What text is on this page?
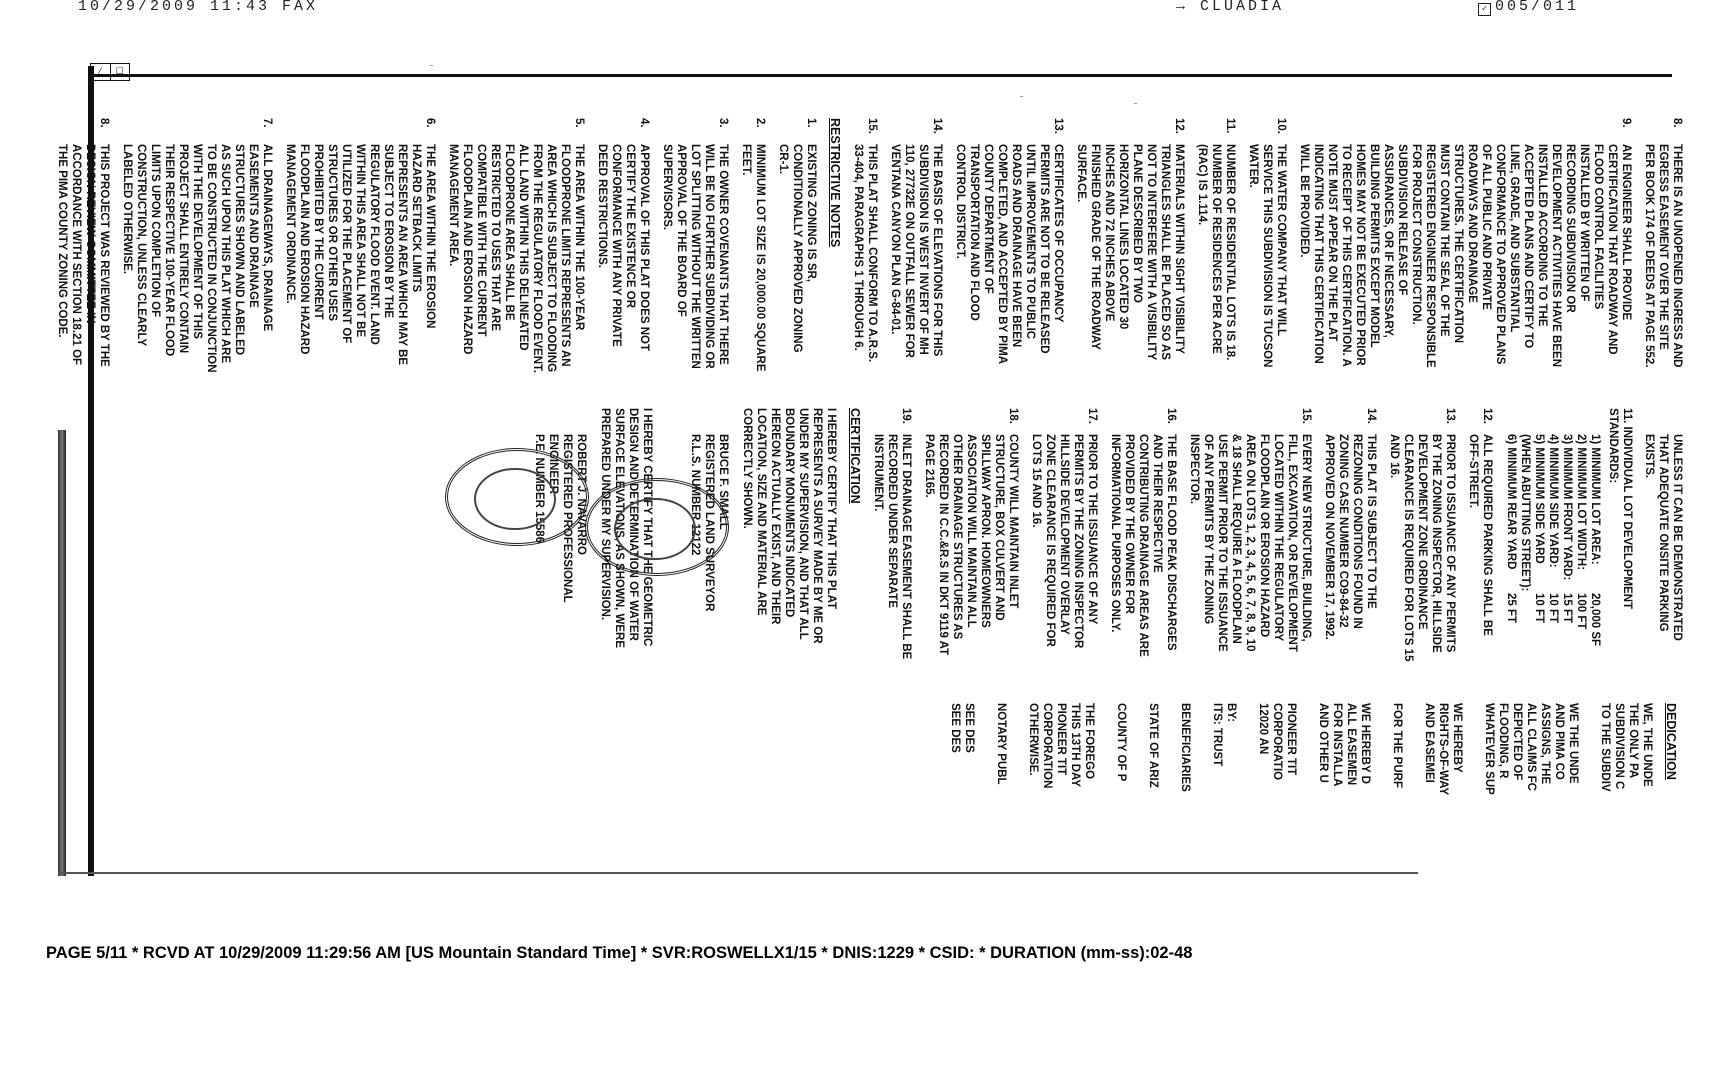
10/29/2009 11:43 FAX	→ CLUADIA	✓ 005/011
⁄	☐
8.
THERE IS AN UNOPENED INGRESS AND EGRESS EASEMENT OVER THE SITE PER BOOK 174 OF DEEDS AT PAGE 552.
9.
AN ENGINEER SHALL PROVIDE CERTIFICATION THAT ROADWAY AND FLOOD CONTROL FACILITIES INSTALLED BY WRITTEN OF RECORDING SUBDIVISION OR DEVELOPMENT ACTIVITIES HAVE BEEN INSTALLED ACCORDING TO THE ACCEPTED PLANS AND CERTIFY TO LINE, GRADE, AND SUBSTANTIAL CONFORMANCE TO APPROVED PLANS OF ALL PUBLIC AND PRIVATE ROADWAYS AND DRAINAGE STRUCTURES. THE CERTIFICATION MUST CONTAIN THE SEAL OF THE REGISTERED ENGINEER RESPONSIBLE FOR PROJECT CONSTRUCTION. SUBDIVISION RELEASE OF ASSURANCES, OR IF NECESSARY, BUILDING PERMITS EXCEPT MODEL HOMES MAY NOT BE EXECUTED PRIOR TO RECEIPT OF THIS CERTIFICATION. A NOTE MUST APPEAR ON THE PLAT INDICATING THAT THIS CERTIFICATION WILL BE PROVIDED.
10.
THE WATER COMPANY THAT WILL SERVICE THIS SUBDIVISION IS TUCSON WATER.
11.
NUMBER OF RESIDENTIAL LOTS IS 18. NUMBER OF RESIDENCES PER ACRE (RAC) IS 1.114.
12.
MATERIALS WITHIN SIGHT VISIBILITY TRIANGLES SHALL BE PLACED SO AS NOT TO INTERFERE WITH A VISIBILITY PLANE DESCRIBED BY TWO HORIZONTAL LINES LOCATED 30 INCHES AND 72 INCHES ABOVE FINISHED GRADE OF THE ROADWAY SURFACE.
13.
CERTIFICATES OF OCCUPANCY PERMITS ARE NOT TO BE RELEASED UNTIL IMPROVEMENTS TO PUBLIC ROADS AND DRAINAGE HAVE BEEN COMPLETED, AND ACCEPTED BY PIMA COUNTY DEPARTMENT OF TRANSPORTATION AND FLOOD CONTROL DISTRICT.
14.
THE BASIS OF ELEVATIONS FOR THIS SUBDIVISION IS WEST INVERT OF MH 110, 27732E ON OUTFALL SEWER FOR VENTANA CANYON PLAN G-84-01.
15.
THIS PLAT SHALL CONFORM TO A.R.S. 33-404, PARAGRAPHS 1 THROUGH 6.
RESTRICTIVE NOTES
1.
EXISTING ZONING IS SR, CONDITIONALLY APPROVED ZONING CR-1.
2.
MINIMUM LOT SIZE IS 20,000.00 SQUARE FEET.
3.
THE OWNER COVENANTS THAT THERE WILL BE NO FURTHER SUBDIVIDING OR LOT SPLITTING WITHOUT THE WRITTEN APPROVAL OF THE BOARD OF SUPERVISORS.
4.
APPROVAL OF THIS PLAT DOES NOT CERTIFY THE EXISTENCE OR CONFORMANCE WITH ANY PRIVATE DEED RESTRICTIONS.
5.
THE AREA WITHIN THE 100-YEAR FLOODPRONE LIMITS REPRESENTS AN AREA WHICH IS SUBJECT TO FLOODING FROM THE REGULATORY FLOOD EVENT. ALL LAND WITHIN THIS DELINEATED FLOODPRONE AREA SHALL BE RESTRICTED TO USES THAT ARE COMPATIBLE WITH THE CURRENT FLOODPLAIN AND EROSION HAZARD MANAGEMENT AREA.
6.
THE AREA WITHIN THE EROSION HAZARD SETBACK LIMITS REPRESENTS AN AREA WHICH MAY BE SUBJECT TO EROSION BY THE REGULATORY FLOOD EVENT. LAND WITHIN THIS AREA SHALL NOT BE UTILIZED FOR THE PLACEMENT OF STRUCTURES OR OTHER USES PROHIBITED BY THE CURRENT FLOODPLAIN AND EROSION HAZARD MANAGEMENT ORDINANCE.
7.
ALL DRAINAGEWAYS, DRAINAGE EASEMENTS AND DRAINAGE STRUCTURES SHOWN AND LABELED AS SUCH UPON THIS PLAT WHICH ARE TO BE CONSTRUCTED IN CONJUNCTION WITH THE DEVELOPMENT OF THIS PROJECT SHALL ENTIRELY CONTAIN THEIR RESPECTIVE 100-YEAR FLOOD LIMITS UPON COMPLETION OF CONSTRUCTION, UNLESS CLEARLY LABELED OTHERWISE.
8.
THIS PROJECT WAS REVIEWED BY THE DESIGN REVIEW COMMITTEE IN ACCORDANCE WITH SECTION 18.21 OF THE PIMA COUNTY ZONING CODE.
UNLESS IT CAN BE DEMONSTRATED THAT ADEQUATE ONSITE PARKING EXISTS.
11. INDIVIDUAL LOT DEVELOPMENT STANDARDS:
1) MINIMUM LOT AREA:
20,000 SF
2) MINIMUM LOT WIDTH:
100 FT
3) MINIMUM FRONT YARD:
15 FT
4) MINIMUM SIDE YARD:
10 FT
5) MINIMUM SIDE YARD (WHEN ABUTTING STREET):
10 FT
6) MINIMUM REAR YARD
25 FT
12.
ALL REQUIRED PARKING SHALL BE OFF-STREET.
13.
PRIOR TO ISSUANCE OF ANY PERMITS BY THE ZONING INSPECTOR, HILLSIDE DEVELOPMENT ZONE ORDINANCE CLEARANCE IS REQUIRED FOR LOTS 15 AND 16.
14.
THIS PLAT IS SUBJECT TO THE REZONING CONDITIONS FOUND IN ZONING CASE NUMBER CO9-84-32 APPROVED ON NOVEMBER 17, 1992.
15.
EVERY NEW STRUCTURE, BUILDING, FILL, EXCAVATION, OR DEVELOPMENT LOCATED WITHIN THE REGULATORY FLOODPLAIN OR EROSION HAZARD AREA ON LOTS 1, 2, 3, 4, 5, 6, 7, 8, 9, 10 & 18 SHALL REQUIRE A FLOODPLAIN USE PERMIT PRIOR TO THE ISSUANCE OF ANY PERMITS BY THE ZONING INSPECTOR.
16.
THE BASE FLOOD PEAK DISCHARGES AND THEIR RESPECTIVE CONTRIBUTING DRAINAGE AREAS ARE PROVIDED BY THE OWNER FOR INFORMATIONAL PURPOSES ONLY.
17.
PRIOR TO THE ISSUANCE OF ANY PERMITS BY THE ZONING INSPECTOR HILLSIDE DEVELOPMENT OVERLAY ZONE CLEARANCE IS REQUIRED FOR LOTS 15 AND 16.
18.
COUNTY WILL MAINTAIN INLET STRUCTURE, BOX CULVERT AND SPILLWAY APRON. HOMEOWNERS ASSOCIATION WILL MAINTAIN ALL OTHER DRAINAGE STRUCTURES AS RECORDED IN C.C.&R.S IN DKT 9119 AT PAGE 2165.
19.
INLET DRAINAGE EASEMENT SHALL BE RECORDED UNDER SEPARATE INSTRUMENT.
CERTIFICATION
I HEREBY CERTIFY THAT THIS PLAT REPRESENTS A SURVEY MADE BY ME OR UNDER MY SUPERVISION, AND THAT ALL BOUNDARY MONUMENTS INDICATED HEREON ACTUALLY EXIST, AND THEIR LOCATION, SIZE AND MATERIAL ARE CORRECTLY SHOWN.
BRUCE F. SMALL
REGISTERED LAND SURVEYOR
R.L.S. NUMBER 12122
I HEREBY CERTIFY THAT THE GEOMETRIC DESIGN AND DETERMINATION OF WATER SURFACE ELEVATIONS, AS SHOWN, WERE PREPARED UNDER MY SUPERVISION.
ROBERT J. NAVARRO
REGISTERED PROFESSIONAL ENGINEER
P.E. NUMBER 15586
DEDICATION
WE, THE UNDE
THE ONLY PA
SUBDIVISION C
TO THE SUBDIV
WE THE UNDE
AND PIMA CO
ASSIGNS, THE
ALL CLAIMS FC
DEPICTED OF
FLOODING, R
WHATEVER SUP
WE HEREBY
RIGHTS-OF-WAY
AND EASEMEI
FOR THE PURF
WE HEREBY D
ALL EASEMEN
FOR INSTALLA
AND OTHER U
PIONEER TIT
CORPORATIO
12020 AN
BY:
ITS: TRUST
BENEFICIARIES
STATE OF ARIZ
COUNTY OF P
THE FOREGO
THIS 13TH DAY
PIONEER TIT
CORPORATION
OTHERWISE.
NOTARY PUBL
SEE DES
SEE DES
PAGE 5/11 * RCVD AT 10/29/2009 11:29:56 AM [US Mountain Standard Time] * SVR:ROSWELLX1/15 * DNIS:1229 * CSID: * DURATION (mm-ss):02-48
